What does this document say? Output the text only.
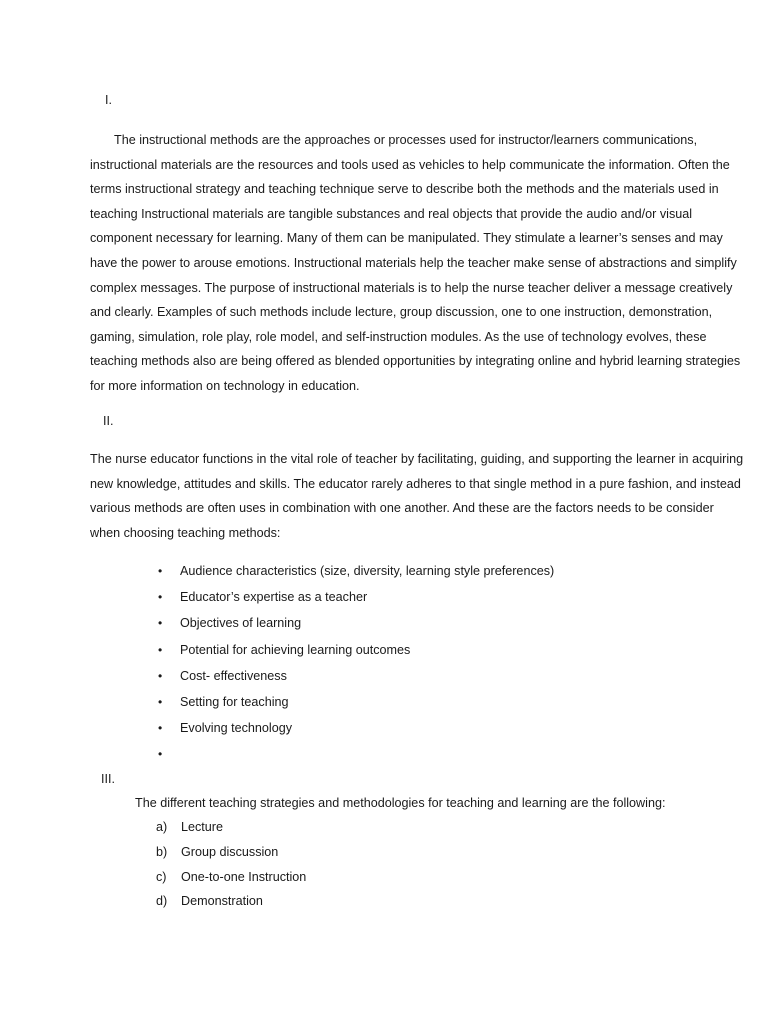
I.

The instructional methods are the approaches or processes used for instructor/learners communications,
instructional materials are the resources and tools used as vehicles to help communicate the information. Often the
terms instructional strategy and teaching technique serve to describe both the methods and the materials used in
teaching Instructional materials are tangible substances and real objects that provide the audio and/or visual
component necessary for learning. Many of them can be manipulated. They stimulate a learner’s senses and may
have the power to arouse emotions. Instructional materials help the teacher make sense of abstractions and simplify
complex messages. The purpose of instructional materials is to help the nurse teacher deliver a message creatively
and clearly. Examples of such methods include lecture, group discussion, one to one instruction, demonstration,
gaming, simulation, role play, role model, and self-instruction modules. As the use of technology evolves, these
teaching methods also are being offered as blended opportunities by integrating online and hybrid learning strategies
for more information on technology in education.

II.

The nurse educator functions in the vital role of teacher by facilitating, guiding, and supporting the learner in acquiring
new knowledge, attitudes and skills. The educator rarely adheres to that single method in a pure fashion, and instead
various methods are often uses in combination with one another. And these are the factors needs to be consider
when choosing teaching methods:

•	Audience characteristics (size, diversity, learning style preferences)
•	Educator’s expertise as a teacher
•	Objectives of learning
•	Potential for achieving learning outcomes
•	Cost- effectiveness
•	Setting for teaching
•	Evolving technology
•
III.
The different teaching strategies and methodologies for teaching and learning are the following:
a)	Lecture
b)	Group discussion
c)	One-to-one Instruction
d)	Demonstration
